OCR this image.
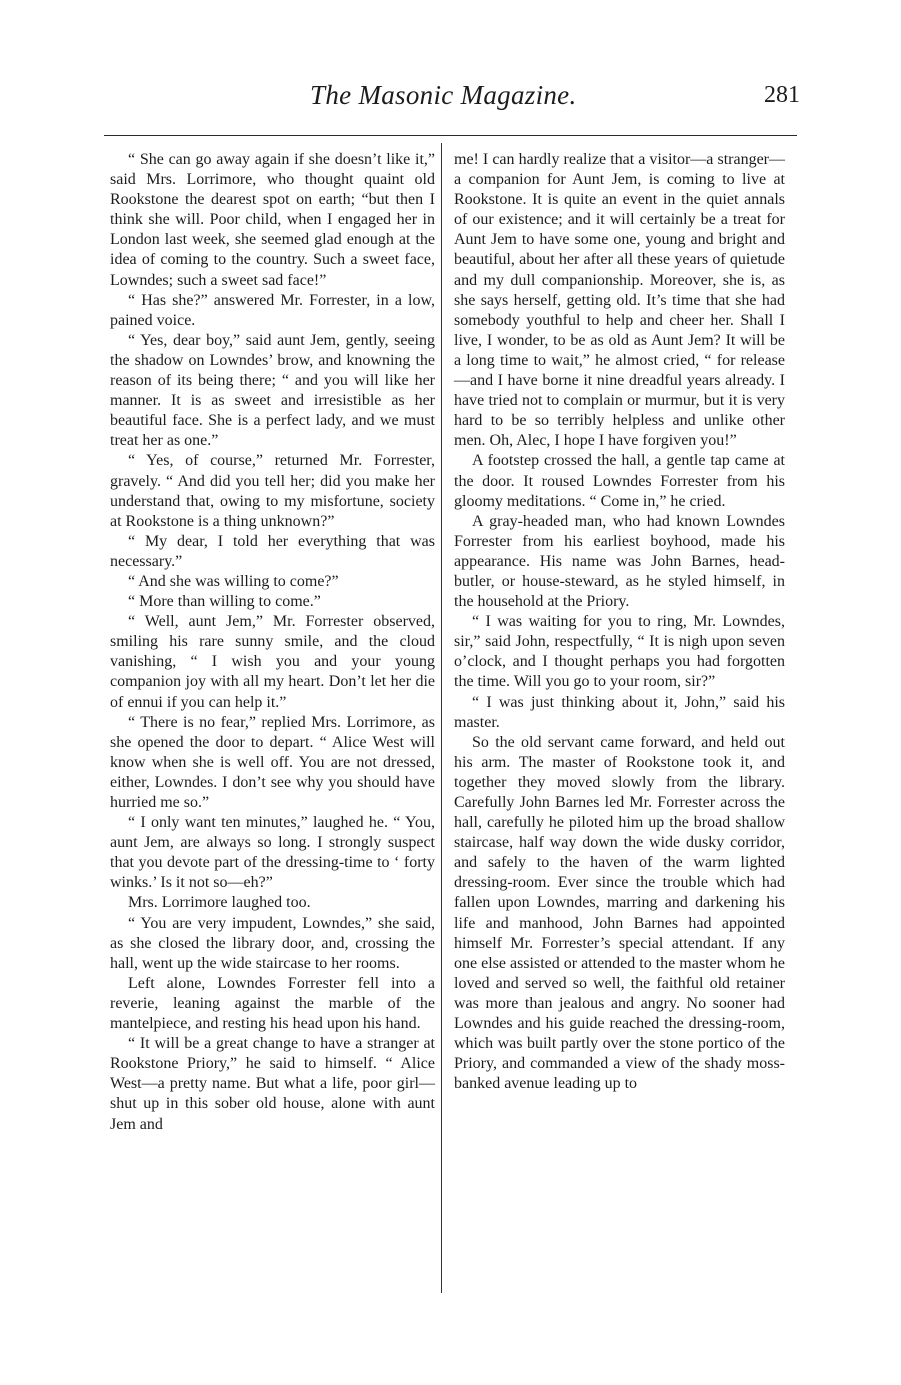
The Masonic Magazine.	281

“ She can go away again if she doesn’t like it,” said Mrs. Lorrimore, who thought quaint old Rookstone the dearest spot on earth; “but then I think she will. Poor child, when I engaged her in London last week, she seemed glad enough at the idea of coming to the country. Such a sweet face, Lowndes; such a sweet sad face!”

“ Has she?” answered Mr. Forrester, in a low, pained voice.

“ Yes, dear boy,” said aunt Jem, gently, seeing the shadow on Lowndes’ brow, and knowning the reason of its being there; “ and you will like her manner. It is as sweet and irresistible as her beautiful face. She is a perfect lady, and we must treat her as one.”

“ Yes, of course,” returned Mr. Forrester, gravely. “ And did you tell her; did you make her understand that, owing to my misfortune, society at Rookstone is a thing unknown?”

“ My dear, I told her everything that was necessary.”

“ And she was willing to come?”

“ More than willing to come.”

“ Well, aunt Jem,” Mr. Forrester observed, smiling his rare sunny smile, and the cloud vanishing, “ I wish you and your young companion joy with all my heart. Don’t let her die of ennui if you can help it.”

“ There is no fear,” replied Mrs. Lorrimore, as she opened the door to depart. “ Alice West will know when she is well off. You are not dressed, either, Lowndes. I don’t see why you should have hurried me so.”

“ I only want ten minutes,” laughed he. “ You, aunt Jem, are always so long. I strongly suspect that you devote part of the dressing-time to ‘ forty winks.’ Is it not so—eh?”

Mrs. Lorrimore laughed too.

“ You are very impudent, Lowndes,” she said, as she closed the library door, and, crossing the hall, went up the wide staircase to her rooms.

Left alone, Lowndes Forrester fell into a reverie, leaning against the marble of the mantelpiece, and resting his head upon his hand.

“ It will be a great change to have a stranger at Rookstone Priory,” he said to himself. “ Alice West—a pretty name. But what a life, poor girl—shut up in this sober old house, alone with aunt Jem and

me! I can hardly realize that a visitor—a stranger—a companion for Aunt Jem, is coming to live at Rookstone. It is quite an event in the quiet annals of our existence; and it will certainly be a treat for Aunt Jem to have some one, young and bright and beautiful, about her after all these years of quietude and my dull companionship. Moreover, she is, as she says herself, getting old. It’s time that she had somebody youthful to help and cheer her. Shall I live, I wonder, to be as old as Aunt Jem? It will be a long time to wait,” he almost cried, “ for release—and I have borne it nine dreadful years already. I have tried not to complain or murmur, but it is very hard to be so terribly helpless and unlike other men. Oh, Alec, I hope I have forgiven you!”

A footstep crossed the hall, a gentle tap came at the door. It roused Lowndes Forrester from his gloomy meditations. “ Come in,” he cried.

A gray-headed man, who had known Lowndes Forrester from his earliest boyhood, made his appearance. His name was John Barnes, head-butler, or house-steward, as he styled himself, in the household at the Priory.

“ I was waiting for you to ring, Mr. Lowndes, sir,” said John, respectfully, “ It is nigh upon seven o’clock, and I thought perhaps you had forgotten the time. Will you go to your room, sir?”

“ I was just thinking about it, John,” said his master.

So the old servant came forward, and held out his arm. The master of Rookstone took it, and together they moved slowly from the library. Carefully John Barnes led Mr. Forrester across the hall, carefully he piloted him up the broad shallow staircase, half way down the wide dusky corridor, and safely to the haven of the warm lighted dressing-room. Ever since the trouble which had fallen upon Lowndes, marring and darkening his life and manhood, John Barnes had appointed himself Mr. Forrester’s special attendant. If any one else assisted or attended to the master whom he loved and served so well, the faithful old retainer was more than jealous and angry. No sooner had Lowndes and his guide reached the dressing-room, which was built partly over the stone portico of the Priory, and commanded a view of the shady moss-banked avenue leading up to
